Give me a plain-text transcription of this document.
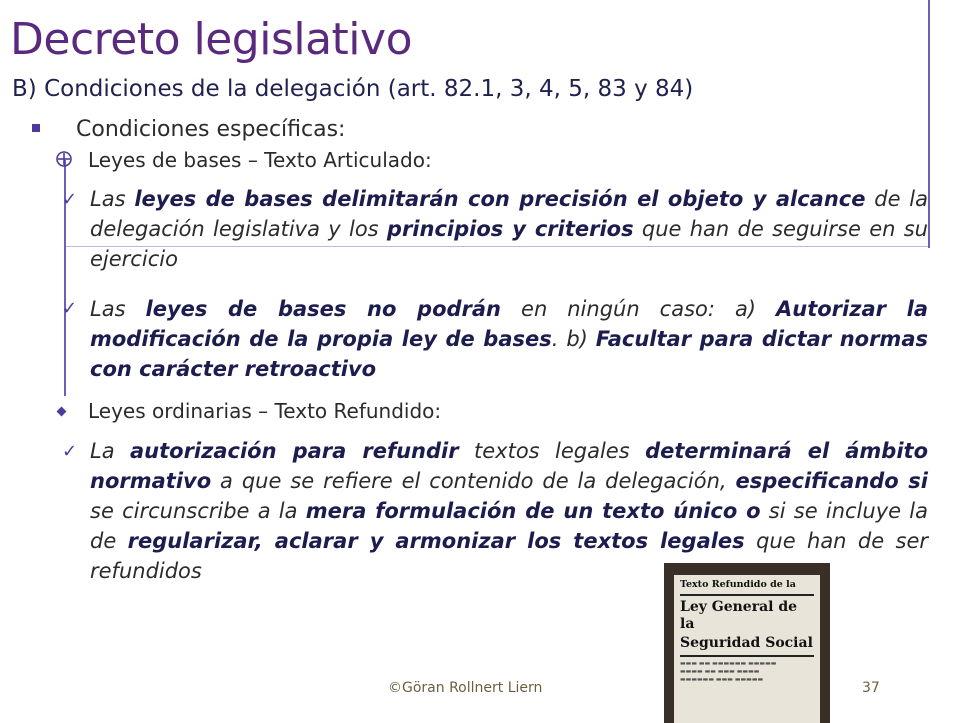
Decreto legislativo
B) Condiciones de la delegación (art. 82.1, 3, 4, 5, 83 y 84)
Condiciones específicas:
Leyes de bases – Texto Articulado:
✓ Las leyes de bases delimitarán con precisión el objeto y alcance de la delegación legislativa y los principios y criterios que han de seguirse en su ejercicio
✓ Las leyes de bases no podrán en ningún caso: a) Autorizar la modificación de la propia ley de bases. b) Facultar para dictar normas con carácter retroactivo
Leyes ordinarias – Texto Refundido:
✓ La autorización para refundir textos legales determinará el ámbito normativo a que se refiere el contenido de la delegación, especificando si se circunscribe a la mera formulación de un texto único o si se incluye la de regularizar, aclarar y armonizar los textos legales que han de ser refundidos
Texto Refundido de la
Ley General de la
Seguridad Social
▬▬▬ ▬▬ ▬▬▬▬▬▬ ▬▬▬▬▬
▬▬▬▬ ▬▬ ▬▬▬ ▬▬▬▬
▬▬▬▬▬▬ ▬▬▬ ▬▬▬▬▬
©Göran Rollnert Liern	37
